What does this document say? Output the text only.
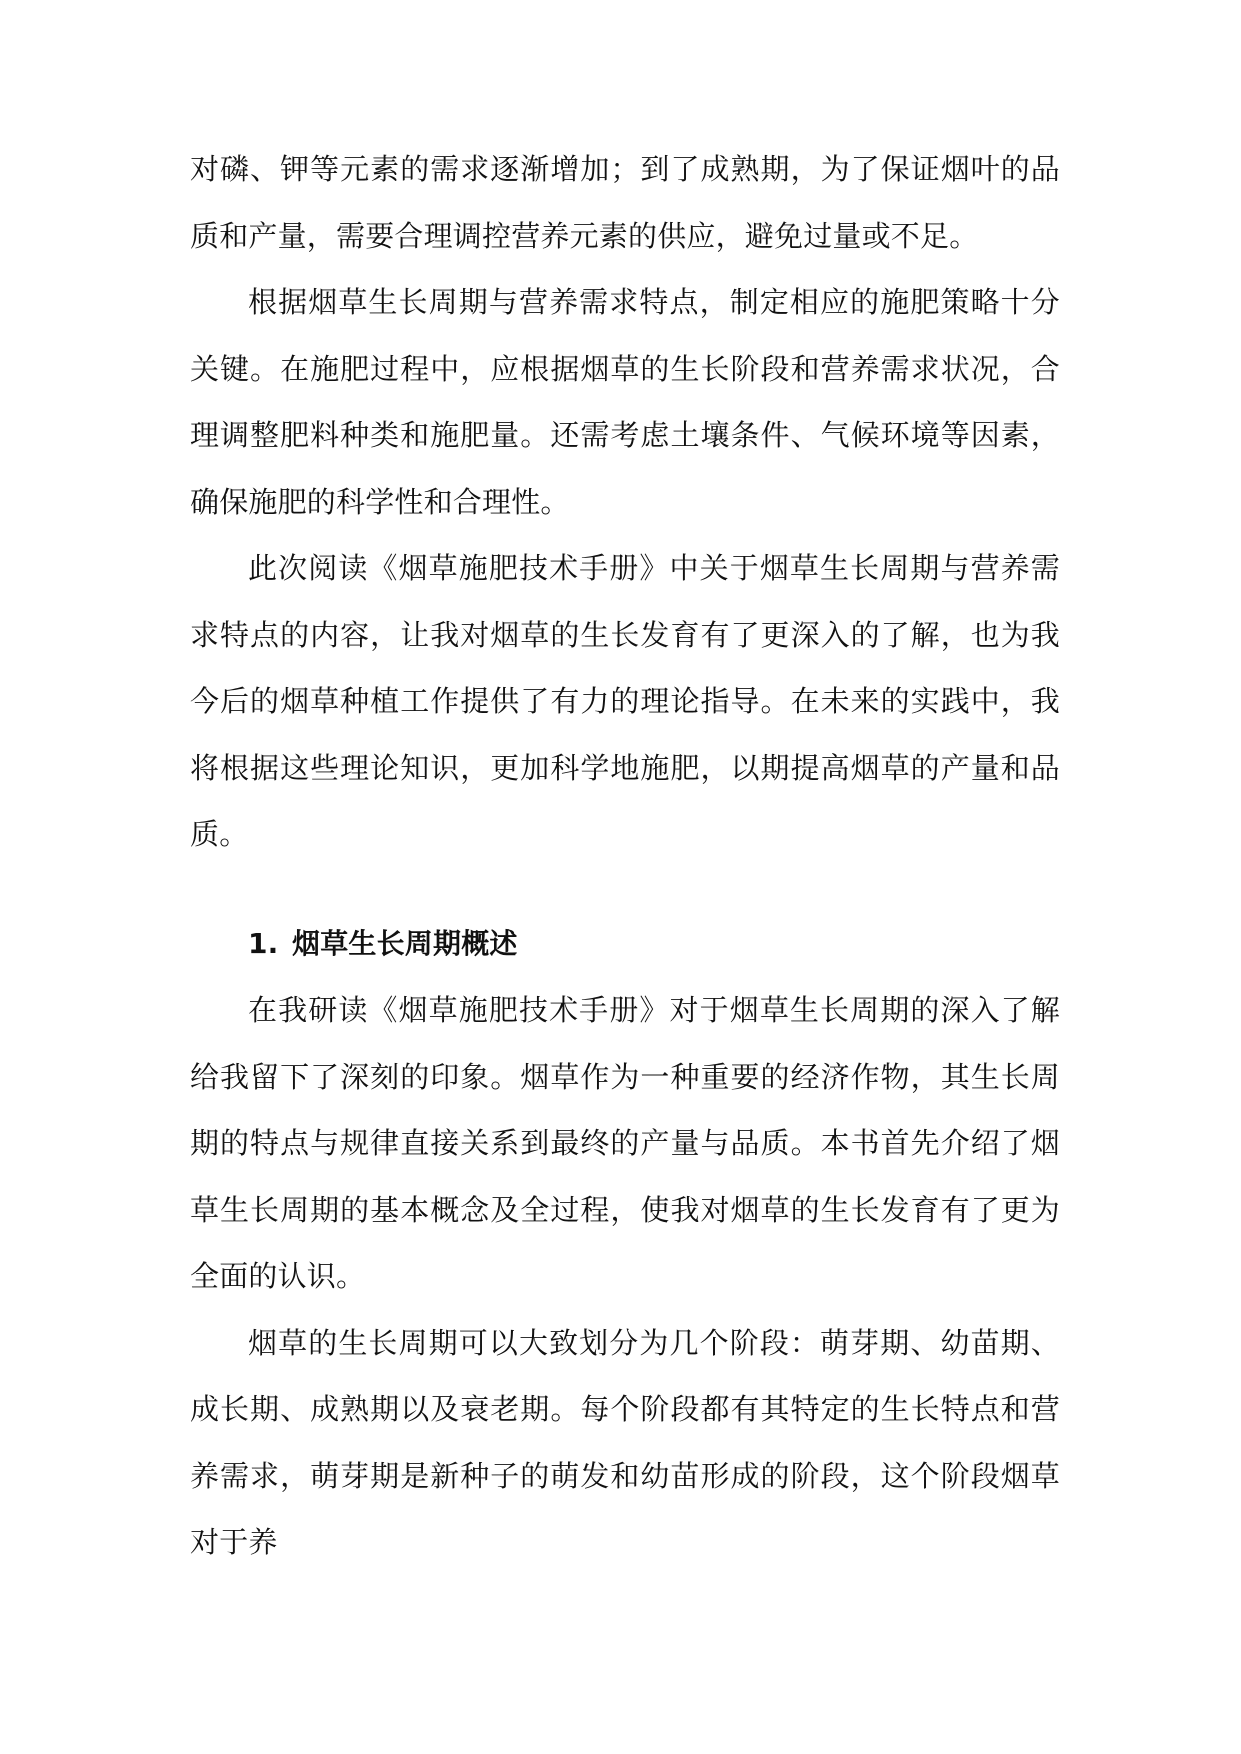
对磷、钾等元素的需求逐渐增加；到了成熟期，为了保证烟叶的品质和产量，需要合理调控营养元素的供应，避免过量或不足。

根据烟草生长周期与营养需求特点，制定相应的施肥策略十分关键。在施肥过程中，应根据烟草的生长阶段和营养需求状况，合理调整肥料种类和施肥量。还需考虑土壤条件、气候环境等因素，确保施肥的科学性和合理性。

此次阅读《烟草施肥技术手册》中关于烟草生长周期与营养需求特点的内容，让我对烟草的生长发育有了更深入的了解，也为我今后的烟草种植工作提供了有力的理论指导。在未来的实践中，我将根据这些理论知识，更加科学地施肥，以期提高烟草的产量和品质。

1. 烟草生长周期概述

在我研读《烟草施肥技术手册》对于烟草生长周期的深入了解给我留下了深刻的印象。烟草作为一种重要的经济作物，其生长周期的特点与规律直接关系到最终的产量与品质。本书首先介绍了烟草生长周期的基本概念及全过程，使我对烟草的生长发育有了更为全面的认识。

烟草的生长周期可以大致划分为几个阶段：萌芽期、幼苗期、成长期、成熟期以及衰老期。每个阶段都有其特定的生长特点和营养需求，萌芽期是新种子的萌发和幼苗形成的阶段，这个阶段烟草对于养
